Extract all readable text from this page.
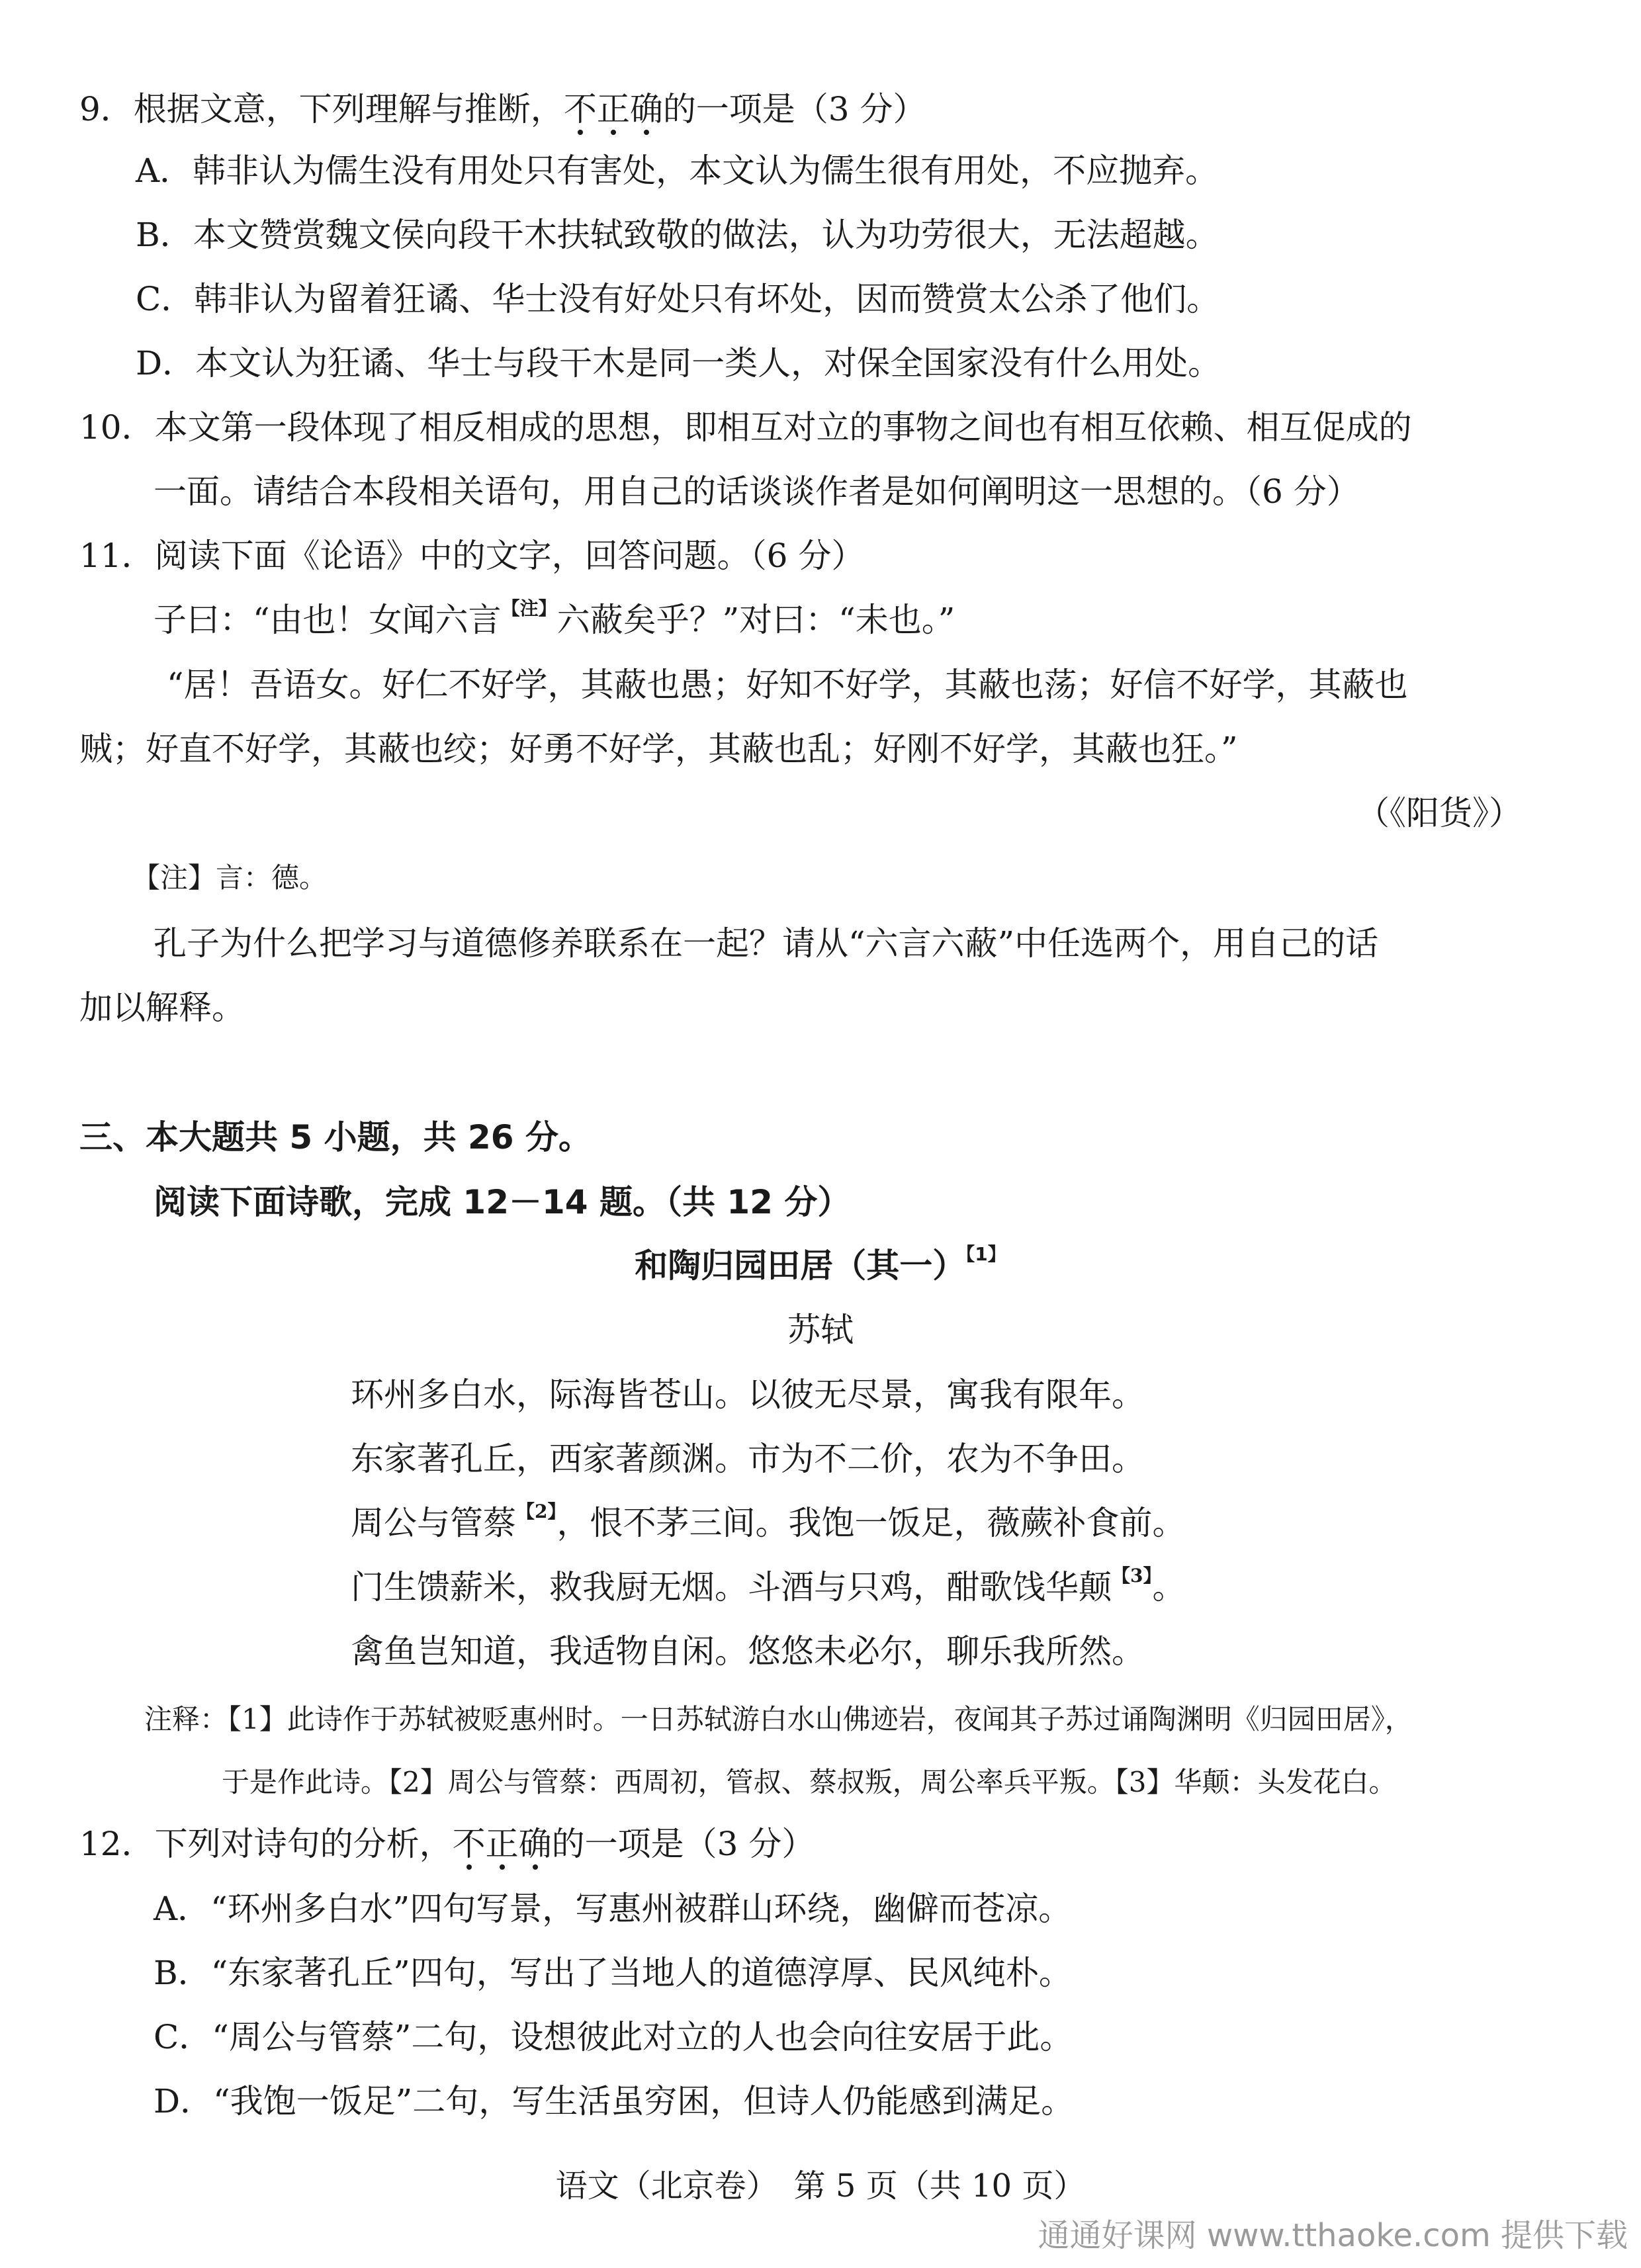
9．根据文意，下列理解与推断，不正确的一项是（3 分）
A．韩非认为儒生没有用处只有害处，本文认为儒生很有用处，不应抛弃。
B．本文赞赏魏文侯向段干木扶轼致敬的做法，认为功劳很大，无法超越。
C．韩非认为留着狂谲、华士没有好处只有坏处，因而赞赏太公杀了他们。
D．本文认为狂谲、华士与段干木是同一类人，对保全国家没有什么用处。
10．本文第一段体现了相反相成的思想，即相互对立的事物之间也有相互依赖、相互促成的
一面。请结合本段相关语句，用自己的话谈谈作者是如何阐明这一思想的。（6 分）
11．阅读下面《论语》中的文字，回答问题。（6 分）
子曰：“由也！女闻六言$^{【注】}$六蔽矣乎？”对曰：“未也。”
“居！吾语女。好仁不好学，其蔽也愚；好知不好学，其蔽也荡；好信不好学，其蔽也
贼；好直不好学，其蔽也绞；好勇不好学，其蔽也乱；好刚不好学，其蔽也狂。”
（《阳货》）
【注】言：德。
孔子为什么把学习与道德修养联系在一起？请从“六言六蔽”中任选两个，用自己的话
加以解释。
三、本大题共 5 小题，共 26 分。
阅读下面诗歌，完成 12－14 题。（共 12 分）
和陶归园田居（其一）$^{【1】}$
苏轼
环州多白水，际海皆苍山。以彼无尽景，寓我有限年。
东家著孔丘，西家著颜渊。市为不二价，农为不争田。
周公与管蔡$^{【2】}$，恨不茅三间。我饱一饭足，薇蕨补食前。
门生馈薪米，救我厨无烟。斗酒与只鸡，酣歌饯华颠$^{【3】}$。
禽鱼岂知道，我适物自闲。悠悠未必尔，聊乐我所然。
注释：【1】此诗作于苏轼被贬惠州时。一日苏轼游白水山佛迹岩，夜闻其子苏过诵陶渊明《归园田居》，
于是作此诗。【2】周公与管蔡：西周初，管叔、蔡叔叛，周公率兵平叛。【3】华颠：头发花白。
12．下列对诗句的分析，不正确的一项是（3 分）
A．“环州多白水”四句写景，写惠州被群山环绕，幽僻而苍凉。
B．“东家著孔丘”四句，写出了当地人的道德淳厚、民风纯朴。
C．“周公与管蔡”二句，设想彼此对立的人也会向往安居于此。
D．“我饱一饭足”二句，写生活虽穷困，但诗人仍能感到满足。
语文（北京卷）　第 5 页（共 10 页）
通通好课网 www.tthaoke.com 提供下载
